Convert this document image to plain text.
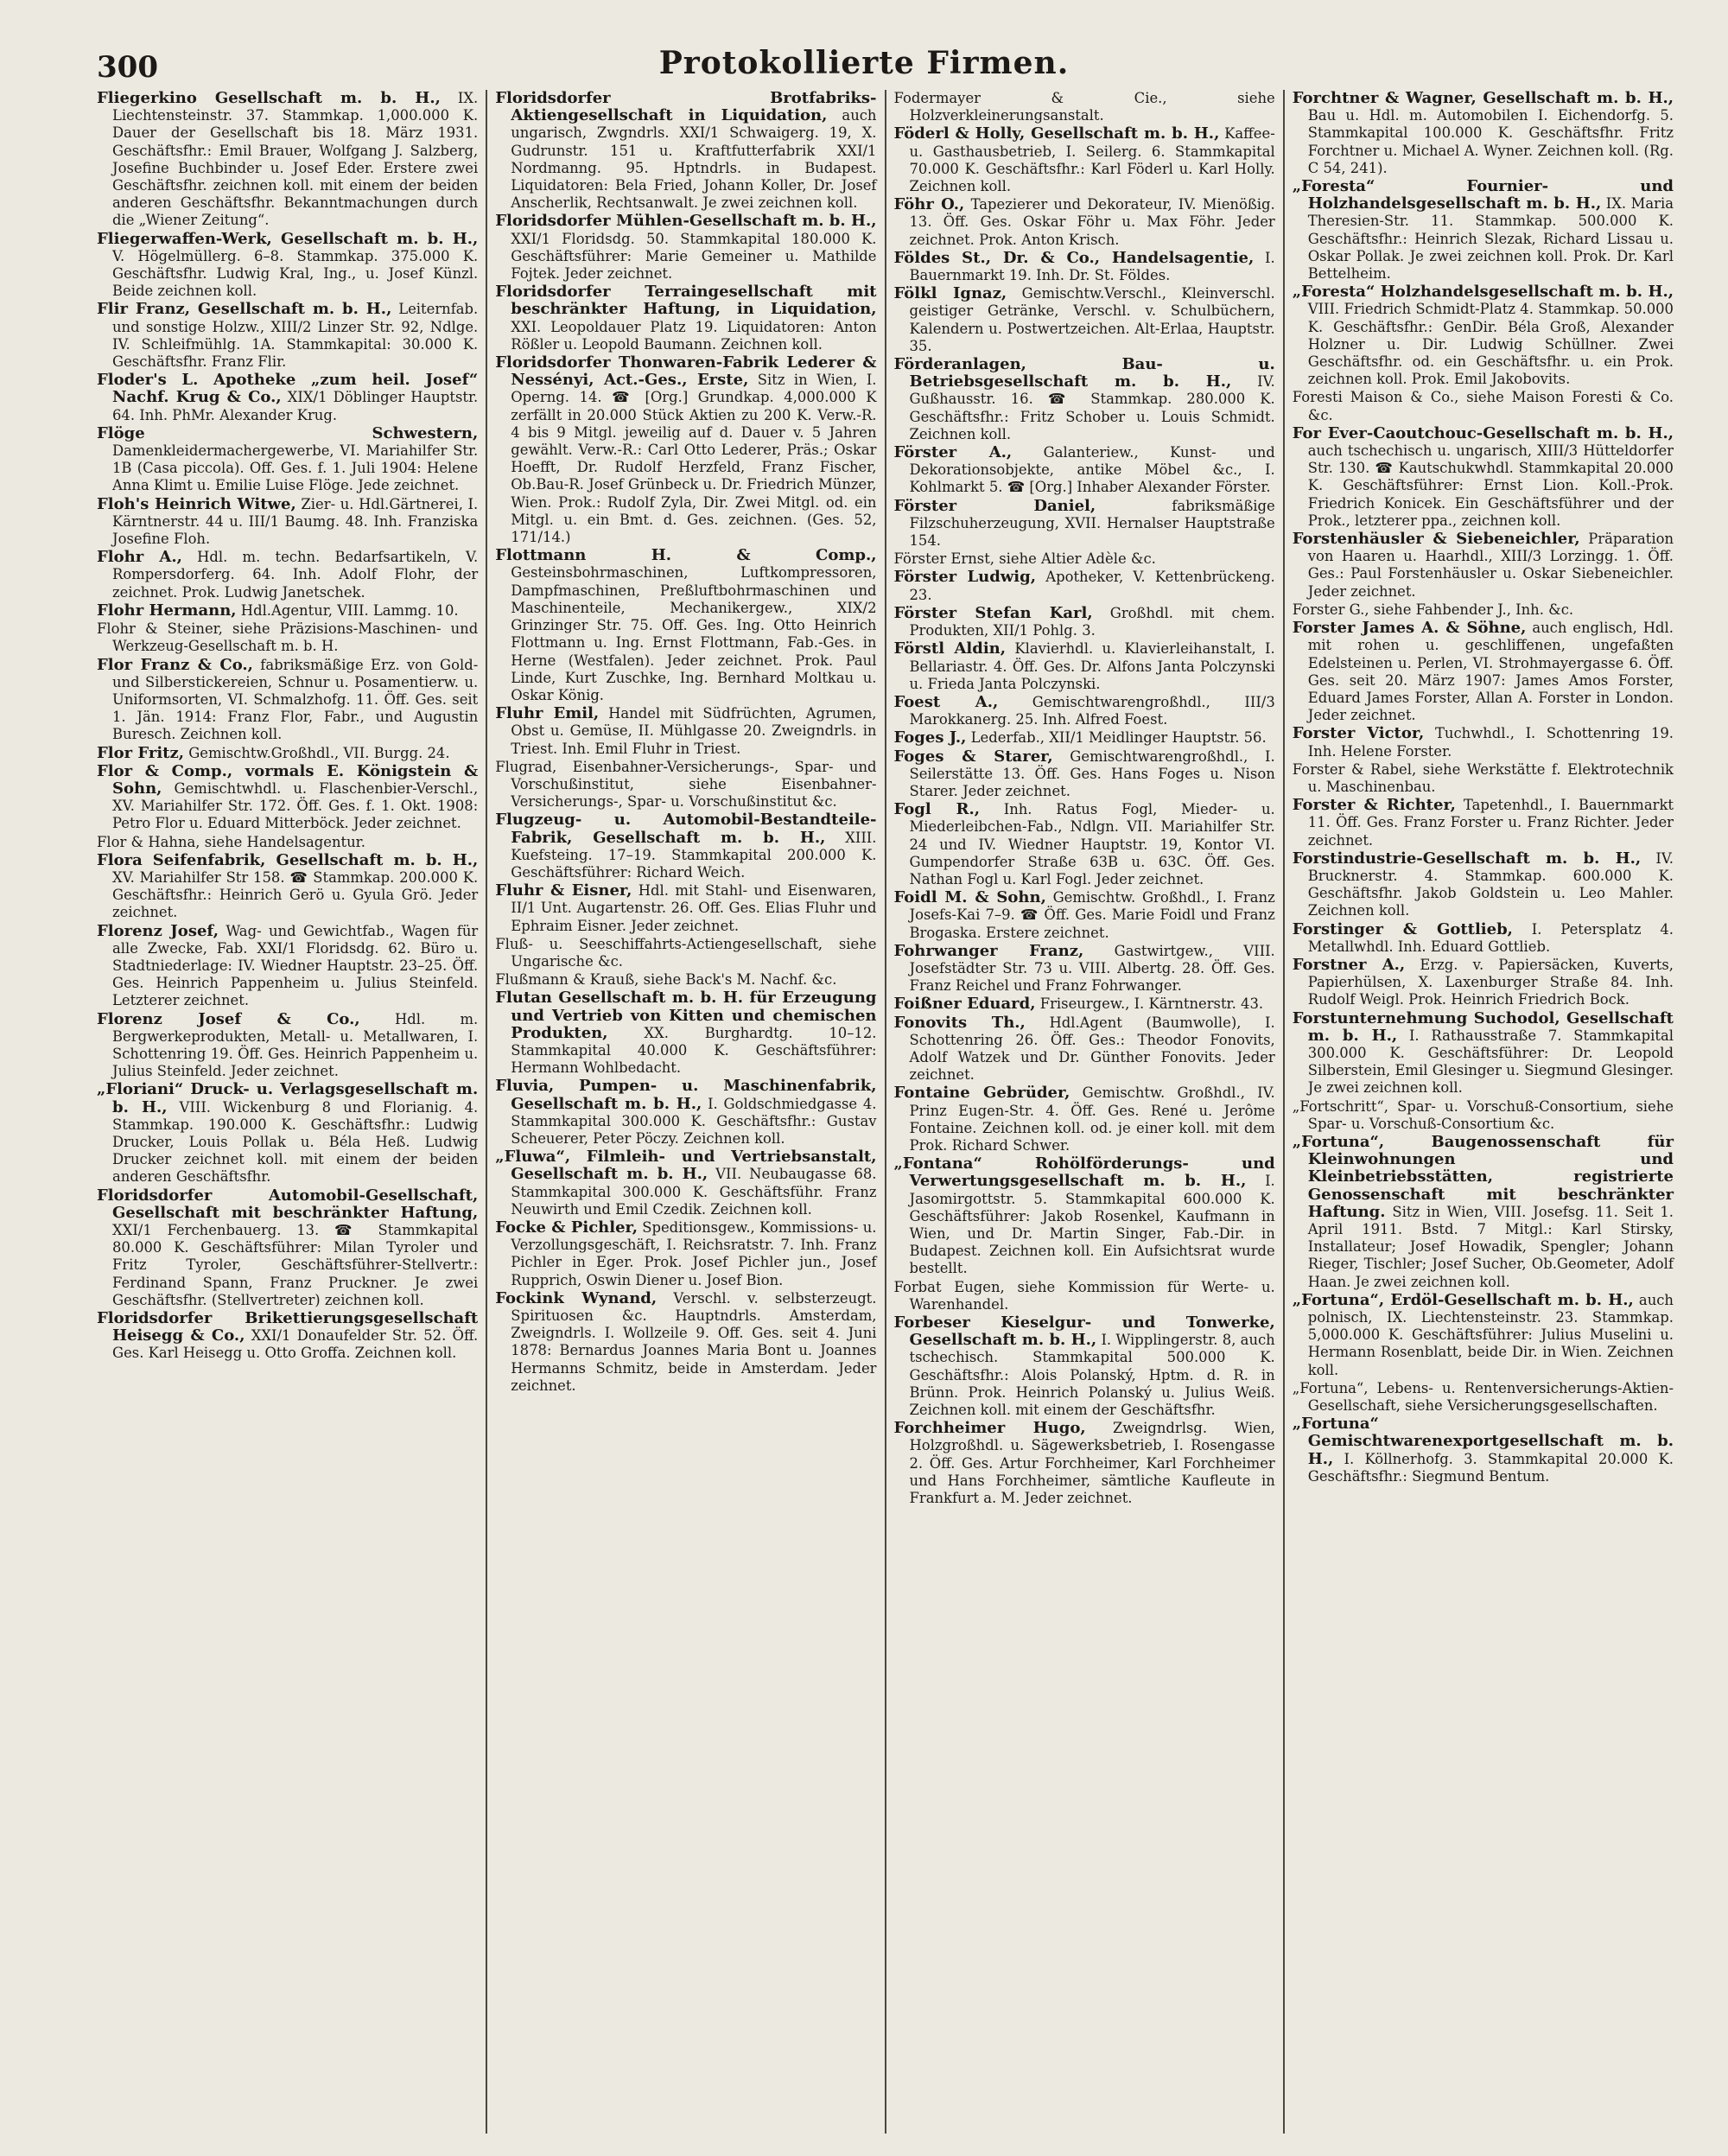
300	Protokollierte Firmen.

Fliegerkino Gesellschaft m. b. H., IX. Liechtensteinstr. 37. Stammkap. 1,000.000 K. Dauer der Gesellschaft bis 18. März 1931. Geschäftsfhr.: Emil Brauer, Wolfgang J. Salzberg, Josefine Buchbinder u. Josef Eder. Erstere zwei Geschäftsfhr. zeichnen koll. mit einem der beiden anderen Geschäftsfhr. Bekanntmachungen durch die „Wiener Zeitung“.

Fliegerwaffen-Werk, Gesellschaft m. b. H., V. Högelmüllerg. 6–8. Stammkap. 375.000 K. Geschäftsfhr. Ludwig Kral, Ing., u. Josef Künzl. Beide zeichnen koll.

Flir Franz, Gesellschaft m. b. H., Leiternfab. und sonstige Holzw., XIII/2 Linzer Str. 92, Ndlge. IV. Schleifmühlg. 1A. Stammkapital: 30.000 K. Geschäftsfhr. Franz Flir.

Floder's L. Apotheke „zum heil. Josef“ Nachf. Krug & Co., XIX/1 Döblinger Hauptstr. 64. Inh. PhMr. Alexander Krug.

Flöge Schwestern, Damenkleidermachergewerbe, VI. Mariahilfer Str. 1B (Casa piccola). Off. Ges. f. 1. Juli 1904: Helene Anna Klimt u. Emilie Luise Flöge. Jede zeichnet.

Floh's Heinrich Witwe, Zier- u. Hdl.Gärtnerei, I. Kärntnerstr. 44 u. III/1 Baumg. 48. Inh. Franziska Josefine Floh.

Flohr A., Hdl. m. techn. Bedarfsartikeln, V. Rompersdorferg. 64. Inh. Adolf Flohr, der zeichnet. Prok. Ludwig Janetschek.

Flohr Hermann, Hdl.Agentur, VIII. Lammg. 10.

Flohr & Steiner, siehe Präzisions-Maschinen- und Werkzeug-Gesellschaft m. b. H.

Flor Franz & Co., fabriksmäßige Erz. von Gold- und Silberstickereien, Schnur u. Posamentierw. u. Uniformsorten, VI. Schmalzhofg. 11. Öff. Ges. seit 1. Jän. 1914: Franz Flor, Fabr., und Augustin Buresch. Zeichnen koll.

Flor Fritz, Gemischtw.Großhdl., VII. Burgg. 24.

Flor & Comp., vormals E. Königstein & Sohn, Gemischtwhdl. u. Flaschenbier-Verschl., XV. Mariahilfer Str. 172. Öff. Ges. f. 1. Okt. 1908: Petro Flor u. Eduard Mitterböck. Jeder zeichnet.

Flor & Hahna, siehe Handelsagentur.

Flora Seifenfabrik, Gesellschaft m. b. H., XV. Mariahilfer Str 158. ☎ Stammkap. 200.000 K. Geschäftsfhr.: Heinrich Gerö u. Gyula Grö. Jeder zeichnet.

Florenz Josef, Wag- und Gewichtfab., Wagen für alle Zwecke, Fab. XXI/1 Floridsdg. 62. Büro u. Stadtniederlage: IV. Wiedner Hauptstr. 23–25. Öff. Ges. Heinrich Pappenheim u. Julius Steinfeld. Letzterer zeichnet.

Florenz Josef & Co., Hdl. m. Bergwerkeprodukten, Metall- u. Metallwaren, I. Schottenring 19. Öff. Ges. Heinrich Pappenheim u. Julius Steinfeld. Jeder zeichnet.

„Floriani“ Druck- u. Verlagsgesellschaft m. b. H., VIII. Wickenburg 8 und Florianig. 4. Stammkap. 190.000 K. Geschäftsfhr.: Ludwig Drucker, Louis Pollak u. Béla Heß. Ludwig Drucker zeichnet koll. mit einem der beiden anderen Geschäftsfhr.

Floridsdorfer Automobil-Gesellschaft, Gesellschaft mit beschränkter Haftung, XXI/1 Ferchenbauerg. 13. ☎ Stammkapital 80.000 K. Geschäftsführer: Milan Tyroler und Fritz Tyroler, Geschäftsführer-Stellvertr.: Ferdinand Spann, Franz Pruckner. Je zwei Geschäftsfhr. (Stellvertreter) zeichnen koll.

Floridsdorfer Brikettierungsgesellschaft Heisegg & Co., XXI/1 Donaufelder Str. 52. Öff. Ges. Karl Heisegg u. Otto Groffa. Zeichnen koll.

Floridsdorfer Brotfabriks-Aktiengesellschaft in Liquidation, auch ungarisch, Zwgndrls. XXI/1 Schwaigerg. 19, X. Gudrunstr. 151 u. Kraftfutterfabrik XXI/1 Nordmanng. 95. Hptndrls. in Budapest. Liquidatoren: Bela Fried, Johann Koller, Dr. Josef Anscherlik, Rechtsanwalt. Je zwei zeichnen koll.

Floridsdorfer Mühlen-Gesellschaft m. b. H., XXI/1 Floridsdg. 50. Stammkapital 180.000 K. Geschäftsführer: Marie Gemeiner u. Mathilde Fojtek. Jeder zeichnet.

Floridsdorfer Terraingesellschaft mit beschränkter Haftung, in Liquidation, XXI. Leopoldauer Platz 19. Liquidatoren: Anton Rößler u. Leopold Baumann. Zeichnen koll.

Floridsdorfer Thonwaren-Fabrik Lederer & Nessényi, Act.-Ges., Erste, Sitz in Wien, I. Operng. 14. ☎ [Org.] Grundkap. 4,000.000 K zerfällt in 20.000 Stück Aktien zu 200 K. Verw.-R. 4 bis 9 Mitgl. jeweilig auf d. Dauer v. 5 Jahren gewählt. Verw.-R.: Carl Otto Lederer, Präs.; Oskar Hoefft, Dr. Rudolf Herzfeld, Franz Fischer, Ob.Bau-R. Josef Grünbeck u. Dr. Friedrich Münzer, Wien. Prok.: Rudolf Zyla, Dir. Zwei Mitgl. od. ein Mitgl. u. ein Bmt. d. Ges. zeichnen. (Ges. 52, 171/14.)

Flottmann H. & Comp., Gesteinsbohrmaschinen, Luftkompressoren, Dampfmaschinen, Preßluftbohrmaschinen und Maschinenteile, Mechanikergew., XIX/2 Grinzinger Str. 75. Off. Ges. Ing. Otto Heinrich Flottmann u. Ing. Ernst Flottmann, Fab.-Ges. in Herne (Westfalen). Jeder zeichnet. Prok. Paul Linde, Kurt Zuschke, Ing. Bernhard Moltkau u. Oskar König.

Fluhr Emil, Handel mit Südfrüchten, Agrumen, Obst u. Gemüse, II. Mühlgasse 20. Zweigndrls. in Triest. Inh. Emil Fluhr in Triest.

Flugrad, Eisenbahner-Versicherungs-, Spar- und Vorschußinstitut, siehe Eisenbahner-Versicherungs-, Spar- u. Vorschußinstitut &c.

Flugzeug- u. Automobil-Bestandteile-Fabrik, Gesellschaft m. b. H., XIII. Kuefsteing. 17–19. Stammkapital 200.000 K. Geschäftsführer: Richard Weich.

Fluhr & Eisner, Hdl. mit Stahl- und Eisenwaren, II/1 Unt. Augartenstr. 26. Off. Ges. Elias Fluhr und Ephraim Eisner. Jeder zeichnet.

Fluß- u. Seeschiffahrts-Actiengesellschaft, siehe Ungarische &c.

Flußmann & Krauß, siehe Back's M. Nachf. &c.

Flutan Gesellschaft m. b. H. für Erzeugung und Vertrieb von Kitten und chemischen Produkten,	XX. Burghardtg. 10–12. Stammkapital 40.000 K. Geschäftsführer: Hermann Wohlbedacht.

Fluvia, Pumpen- u. Maschinenfabrik, Gesellschaft m. b. H., I. Goldschmiedgasse 4. Stammkapital 300.000 K. Geschäftsfhr.: Gustav Scheuerer, Peter Pöczy. Zeichnen koll.

„Fluwa“, Filmleih- und Vertriebsanstalt, Gesellschaft m. b. H., VII. Neubaugasse 68. Stammkapital 300.000 K. Geschäftsführ. Franz Neuwirth und Emil Czedik. Zeichnen koll.

Focke & Pichler, Speditionsgew., Kommissions- u. Verzollungsgeschäft, I. Reichsratstr. 7. Inh. Franz Pichler in Eger. Prok. Josef Pichler jun., Josef Rupprich, Oswin Diener u. Josef Bion.

Fockink Wynand, Verschl. v. selbsterzeugt. Spirituosen &c. Hauptndrls. Amsterdam, Zweigndrls. I. Wollzeile 9. Off. Ges. seit 4. Juni 1878: Bernardus Joannes Maria Bont u. Joannes Hermanns Schmitz, beide in Amsterdam. Jeder zeichnet.

Fodermayer & Cie.,	siehe Holzverkleinerungsanstalt.

Föderl & Holly, Gesellschaft m. b. H., Kaffee- u. Gasthausbetrieb, I. Seilerg. 6. Stammkapital 70.000 K. Geschäftsfhr.: Karl Föderl u. Karl Holly. Zeichnen koll.

Föhr O., Tapezierer und Dekorateur, IV. Mienößig. 13. Öff. Ges. Oskar Föhr u. Max Föhr. Jeder zeichnet. Prok. Anton Krisch.

Földes St., Dr. & Co., Handelsagentie, I. Bauernmarkt 19. Inh. Dr. St. Földes.

Fölkl Ignaz, Gemischtw.Verschl., Kleinverschl. geistiger Getränke, Verschl. v. Schulbüchern, Kalendern u. Postwertzeichen. Alt-Erlaa, Hauptstr. 35.

Förderanlagen, Bau- u. Betriebsgesellschaft m. b. H., IV. Gußhausstr. 16. ☎ Stammkap. 280.000 K. Geschäftsfhr.: Fritz Schober u. Louis Schmidt. Zeichnen koll.

Förster A., Galanteriew., Kunst- und Dekorationsobjekte, antike Möbel &c., I. Kohlmarkt 5. ☎ [Org.] Inhaber Alexander Förster.

Förster Daniel,	fabriksmäßige Filzschuherzeugung, XVII. Hernalser Hauptstraße 154.

Förster Ernst, siehe Altier Adèle &c.

Förster Ludwig, Apotheker, V. Kettenbrückeng. 23.

Förster Stefan Karl, Großhdl. mit chem. Produkten, XII/1 Pohlg. 3.

Förstl Aldin, Klavierhdl. u. Klavierleihanstalt, I. Bellariastr. 4. Öff. Ges. Dr. Alfons Janta Polczynski u. Frieda Janta Polczynski.

Foest A., Gemischtwarengroßhdl., III/3 Marokkanerg. 25. Inh. Alfred Foest.

Foges J., Lederfab., XII/1 Meidlinger Hauptstr. 56.

Foges & Starer, Gemischtwarengroßhdl., I. Seilerstätte 13. Öff. Ges. Hans Foges u. Nison Starer. Jeder zeichnet.

Fogl R., Inh. Ratus Fogl, Mieder- u. Miederleibchen-Fab., Ndlgn. VII. Mariahilfer Str. 24 und IV. Wiedner Hauptstr. 19, Kontor VI. Gumpendorfer Straße 63B u. 63C. Öff. Ges. Nathan Fogl u. Karl Fogl. Jeder zeichnet.

Foidl M. & Sohn, Gemischtw. Großhdl., I. Franz Josefs-Kai 7–9. ☎ Öff. Ges. Marie Foidl und Franz Brogaska. Erstere zeichnet.

Fohrwanger Franz, Gastwirtgew., VIII. Josefstädter Str. 73 u. VIII. Albertg. 28. Öff. Ges. Franz Reichel und Franz Fohrwanger.

Foißner Eduard, Friseurgew., I. Kärntnerstr. 43.

Fonovits Th., Hdl.Agent (Baumwolle), I. Schottenring 26. Öff. Ges.: Theodor Fonovits, Adolf Watzek und Dr. Günther Fonovits. Jeder zeichnet.

Fontaine Gebrüder, Gemischtw. Großhdl., IV. Prinz Eugen-Str. 4. Öff. Ges. René u. Jerôme Fontaine. Zeichnen koll. od. je einer koll. mit dem Prok. Richard Schwer.

„Fontana“ Rohölförderungs- und Verwertungsgesellschaft m. b. H., I. Jasomirgottstr. 5. Stammkapital 600.000 K. Geschäftsführer: Jakob Rosenkel, Kaufmann in Wien, und Dr. Martin Singer, Fab.-Dir. in Budapest. Zeichnen koll. Ein Aufsichtsrat wurde bestellt.

Forbat Eugen, siehe Kommission für Werte- u. Warenhandel.

Forbeser Kieselgur- und Tonwerke, Gesellschaft m. b. H., I. Wipplingerstr. 8, auch tschechisch. Stammkapital 500.000 K. Geschäftsfhr.: Alois Polanský, Hptm. d. R. in Brünn. Prok. Heinrich Polanský u. Julius Weiß. Zeichnen koll. mit einem der Geschäftsfhr.

Forchheimer Hugo, Zweigndrlsg. Wien, Holzgroßhdl. u. Sägewerksbetrieb, I. Rosengasse 2. Öff. Ges. Artur Forchheimer, Karl Forchheimer und Hans Forchheimer, sämtliche Kaufleute in Frankfurt a. M. Jeder zeichnet.

Forchtner & Wagner, Gesellschaft m. b. H., Bau u. Hdl. m. Automobilen I. Eichendorfg. 5. Stammkapital 100.000 K. Geschäftsfhr. Fritz Forchtner u. Michael A. Wyner. Zeichnen koll. (Rg. C 54, 241).

„Foresta“ Fournier- und Holzhandelsgesellschaft m. b. H., IX. Maria Theresien-Str. 11. Stammkap. 500.000 K. Geschäftsfhr.: Heinrich Slezak, Richard Lissau u. Oskar Pollak. Je zwei zeichnen koll. Prok. Dr. Karl Bettelheim.

„Foresta“ Holzhandelsgesellschaft m. b. H., VIII. Friedrich Schmidt-Platz 4. Stammkap. 50.000 K. Geschäftsfhr.: GenDir. Béla Groß, Alexander Holzner u. Dir. Ludwig Schüllner. Zwei Geschäftsfhr. od. ein Geschäftsfhr. u. ein Prok. zeichnen koll. Prok. Emil Jakobovits.

Foresti Maison & Co., siehe Maison Foresti & Co. &c.

For Ever-Caoutchouc-Gesellschaft m. b. H., auch tschechisch u. ungarisch, XIII/3 Hütteldorfer Str. 130. ☎ Kautschukwhdl. Stammkapital 20.000 K. Geschäftsführer: Ernst Lion. Koll.-Prok. Friedrich Konicek. Ein Geschäftsführer und der Prok., letzterer ppa., zeichnen koll.

Forstenhäusler & Siebeneichler, Präparation von Haaren u. Haarhdl., XIII/3 Lorzingg. 1. Öff. Ges.: Paul Forstenhäusler u. Oskar Siebeneichler. Jeder zeichnet.

Forster G., siehe Fahbender J., Inh. &c.

Forster James A. & Söhne, auch englisch, Hdl. mit rohen u. geschliffenen, ungefaßten Edelsteinen u. Perlen, VI. Strohmayergasse 6. Öff. Ges. seit 20. März 1907: James Amos Forster, Eduard James Forster, Allan A. Forster in London. Jeder zeichnet.

Forster Victor, Tuchwhdl., I. Schottenring 19. Inh. Helene Forster.

Forster & Rabel, siehe Werkstätte f. Elektrotechnik u. Maschinenbau.

Forster & Richter, Tapetenhdl., I. Bauernmarkt 11. Öff. Ges. Franz Forster u. Franz Richter. Jeder zeichnet.

Forstindustrie-Gesellschaft m. b. H., IV. Brucknerstr. 4. Stammkap. 600.000 K. Geschäftsfhr. Jakob Goldstein u. Leo Mahler. Zeichnen koll.

Forstinger & Gottlieb, I. Petersplatz 4. Metallwhdl. Inh. Eduard Gottlieb.

Forstner A., Erzg. v. Papiersäcken, Kuverts, Papierhülsen, X. Laxenburger Straße 84. Inh. Rudolf Weigl. Prok. Heinrich Friedrich Bock.

Forstunternehmung Suchodol, Gesellschaft m. b. H., I. Rathausstraße 7. Stammkapital 300.000 K. Geschäftsführer: Dr. Leopold Silberstein, Emil Glesinger u. Siegmund Glesinger. Je zwei zeichnen koll.

„Fortschritt“, Spar- u. Vorschuß-Consortium, siehe Spar- u. Vorschuß-Consortium &c.

„Fortuna“, Baugenossenschaft für Kleinwohnungen und Kleinbetriebsstätten, registrierte Genossenschaft mit beschränkter Haftung. Sitz in Wien, VIII. Josefsg. 11. Seit 1. April 1911. Bstd. 7 Mitgl.: Karl Stirsky, Installateur; Josef Howadik, Spengler; Johann Rieger, Tischler; Josef Sucher, Ob.Geometer, Adolf Haan. Je zwei zeichnen koll.

„Fortuna“, Erdöl-Gesellschaft m. b. H., auch polnisch, IX. Liechtensteinstr. 23. Stammkap. 5,000.000 K. Geschäftsführer: Julius Muselini u. Hermann Rosenblatt, beide Dir. in Wien. Zeichnen koll.

„Fortuna“, Lebens- u. Rentenversicherungs-Aktien-Gesellschaft, siehe Versicherungsgesellschaften.

„Fortuna“ Gemischtwarenexportgesellschaft m. b. H., I. Köllnerhofg. 3. Stammkapital 20.000 K. Geschäftsfhr.: Siegmund Bentum.
